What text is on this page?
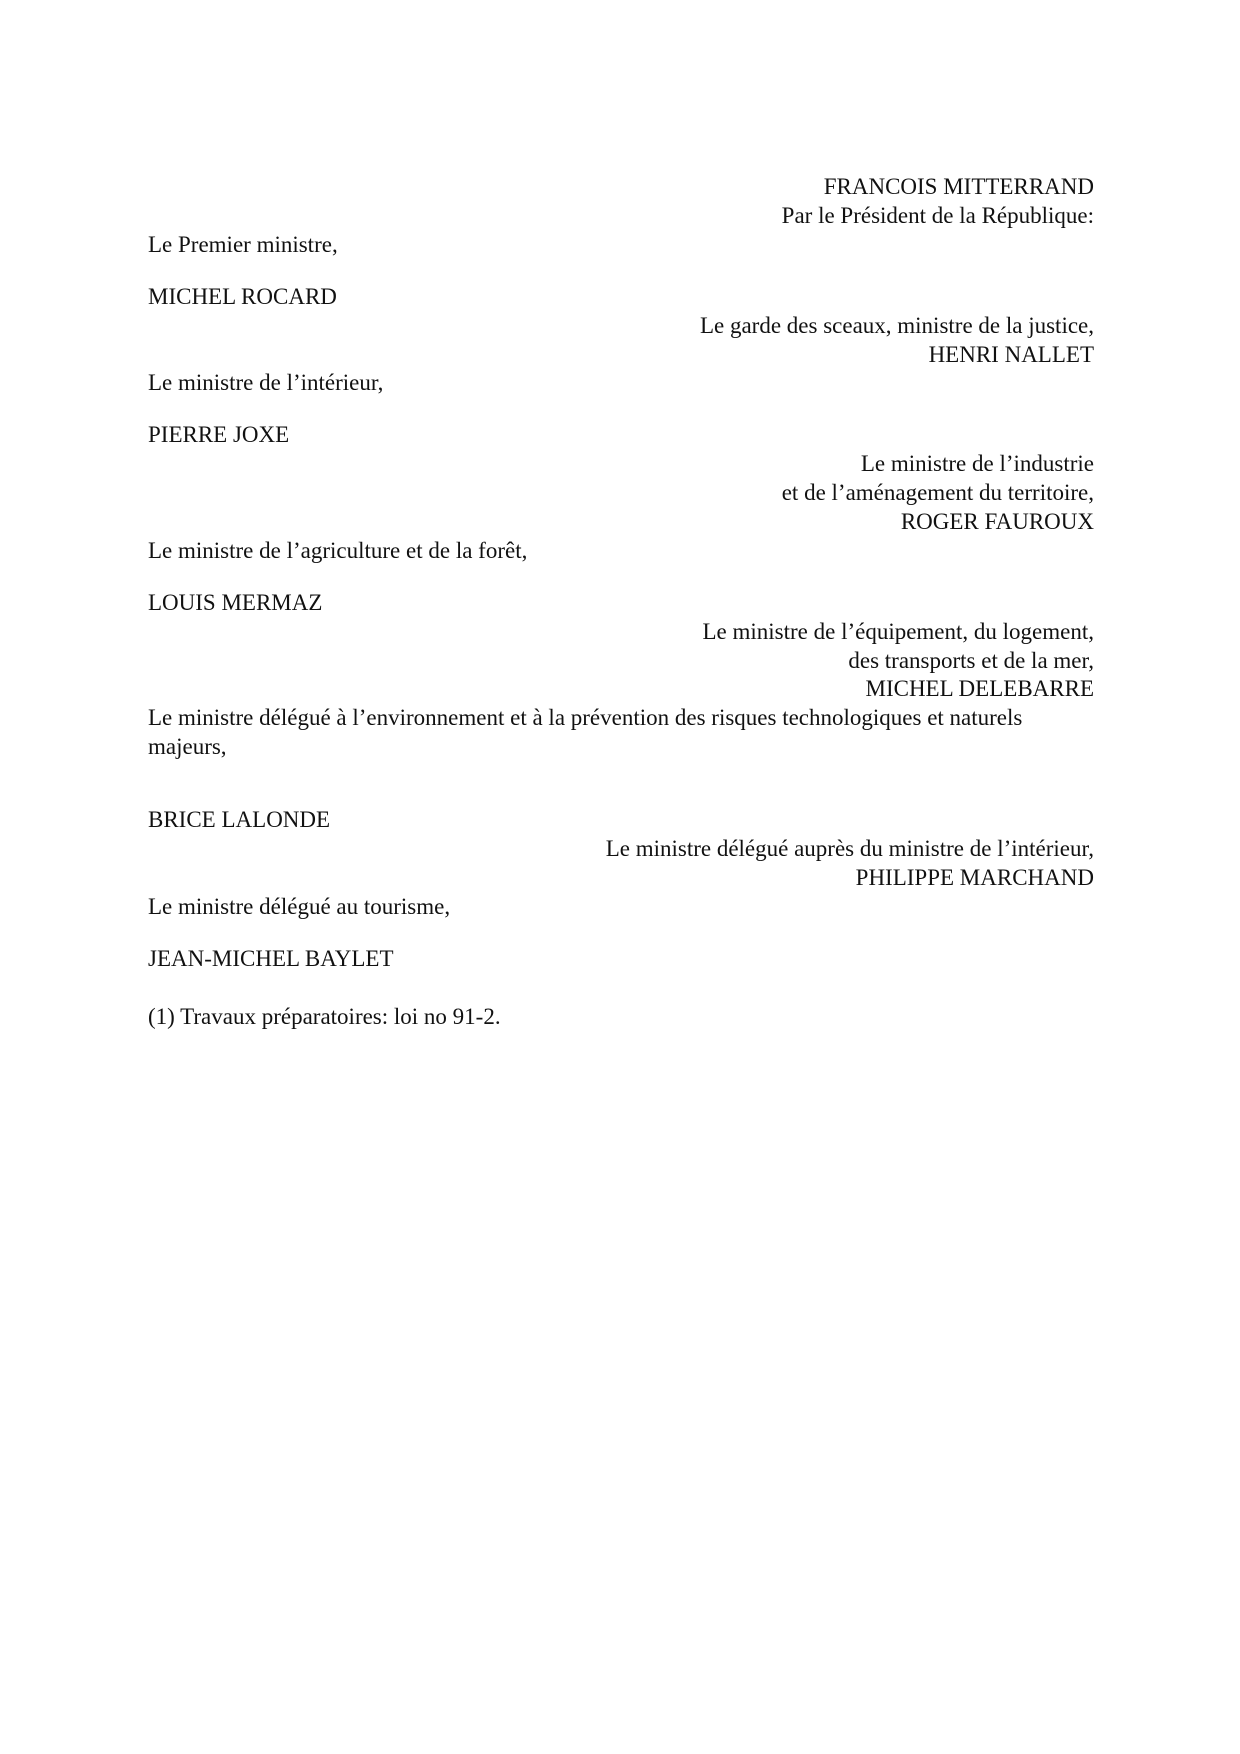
FRANCOIS MITTERRAND
Par le Président de la République:
Le Premier ministre,
MICHEL ROCARD
Le garde des sceaux, ministre de la justice,
HENRI NALLET
Le ministre de l’intérieur,
PIERRE JOXE
Le ministre de l’industrie
et de l’aménagement du territoire,
ROGER FAUROUX
Le ministre de l’agriculture et de la forêt,
LOUIS MERMAZ
Le ministre de l’équipement, du logement,
des transports et de la mer,
MICHEL DELEBARRE
Le ministre délégué à l’environnement et à la prévention des risques technologiques et naturels majeurs,
BRICE LALONDE
Le ministre délégué auprès du ministre de l’intérieur,
PHILIPPE MARCHAND
Le ministre délégué au tourisme,
JEAN-MICHEL BAYLET
(1) Travaux préparatoires: loi no 91-2.
